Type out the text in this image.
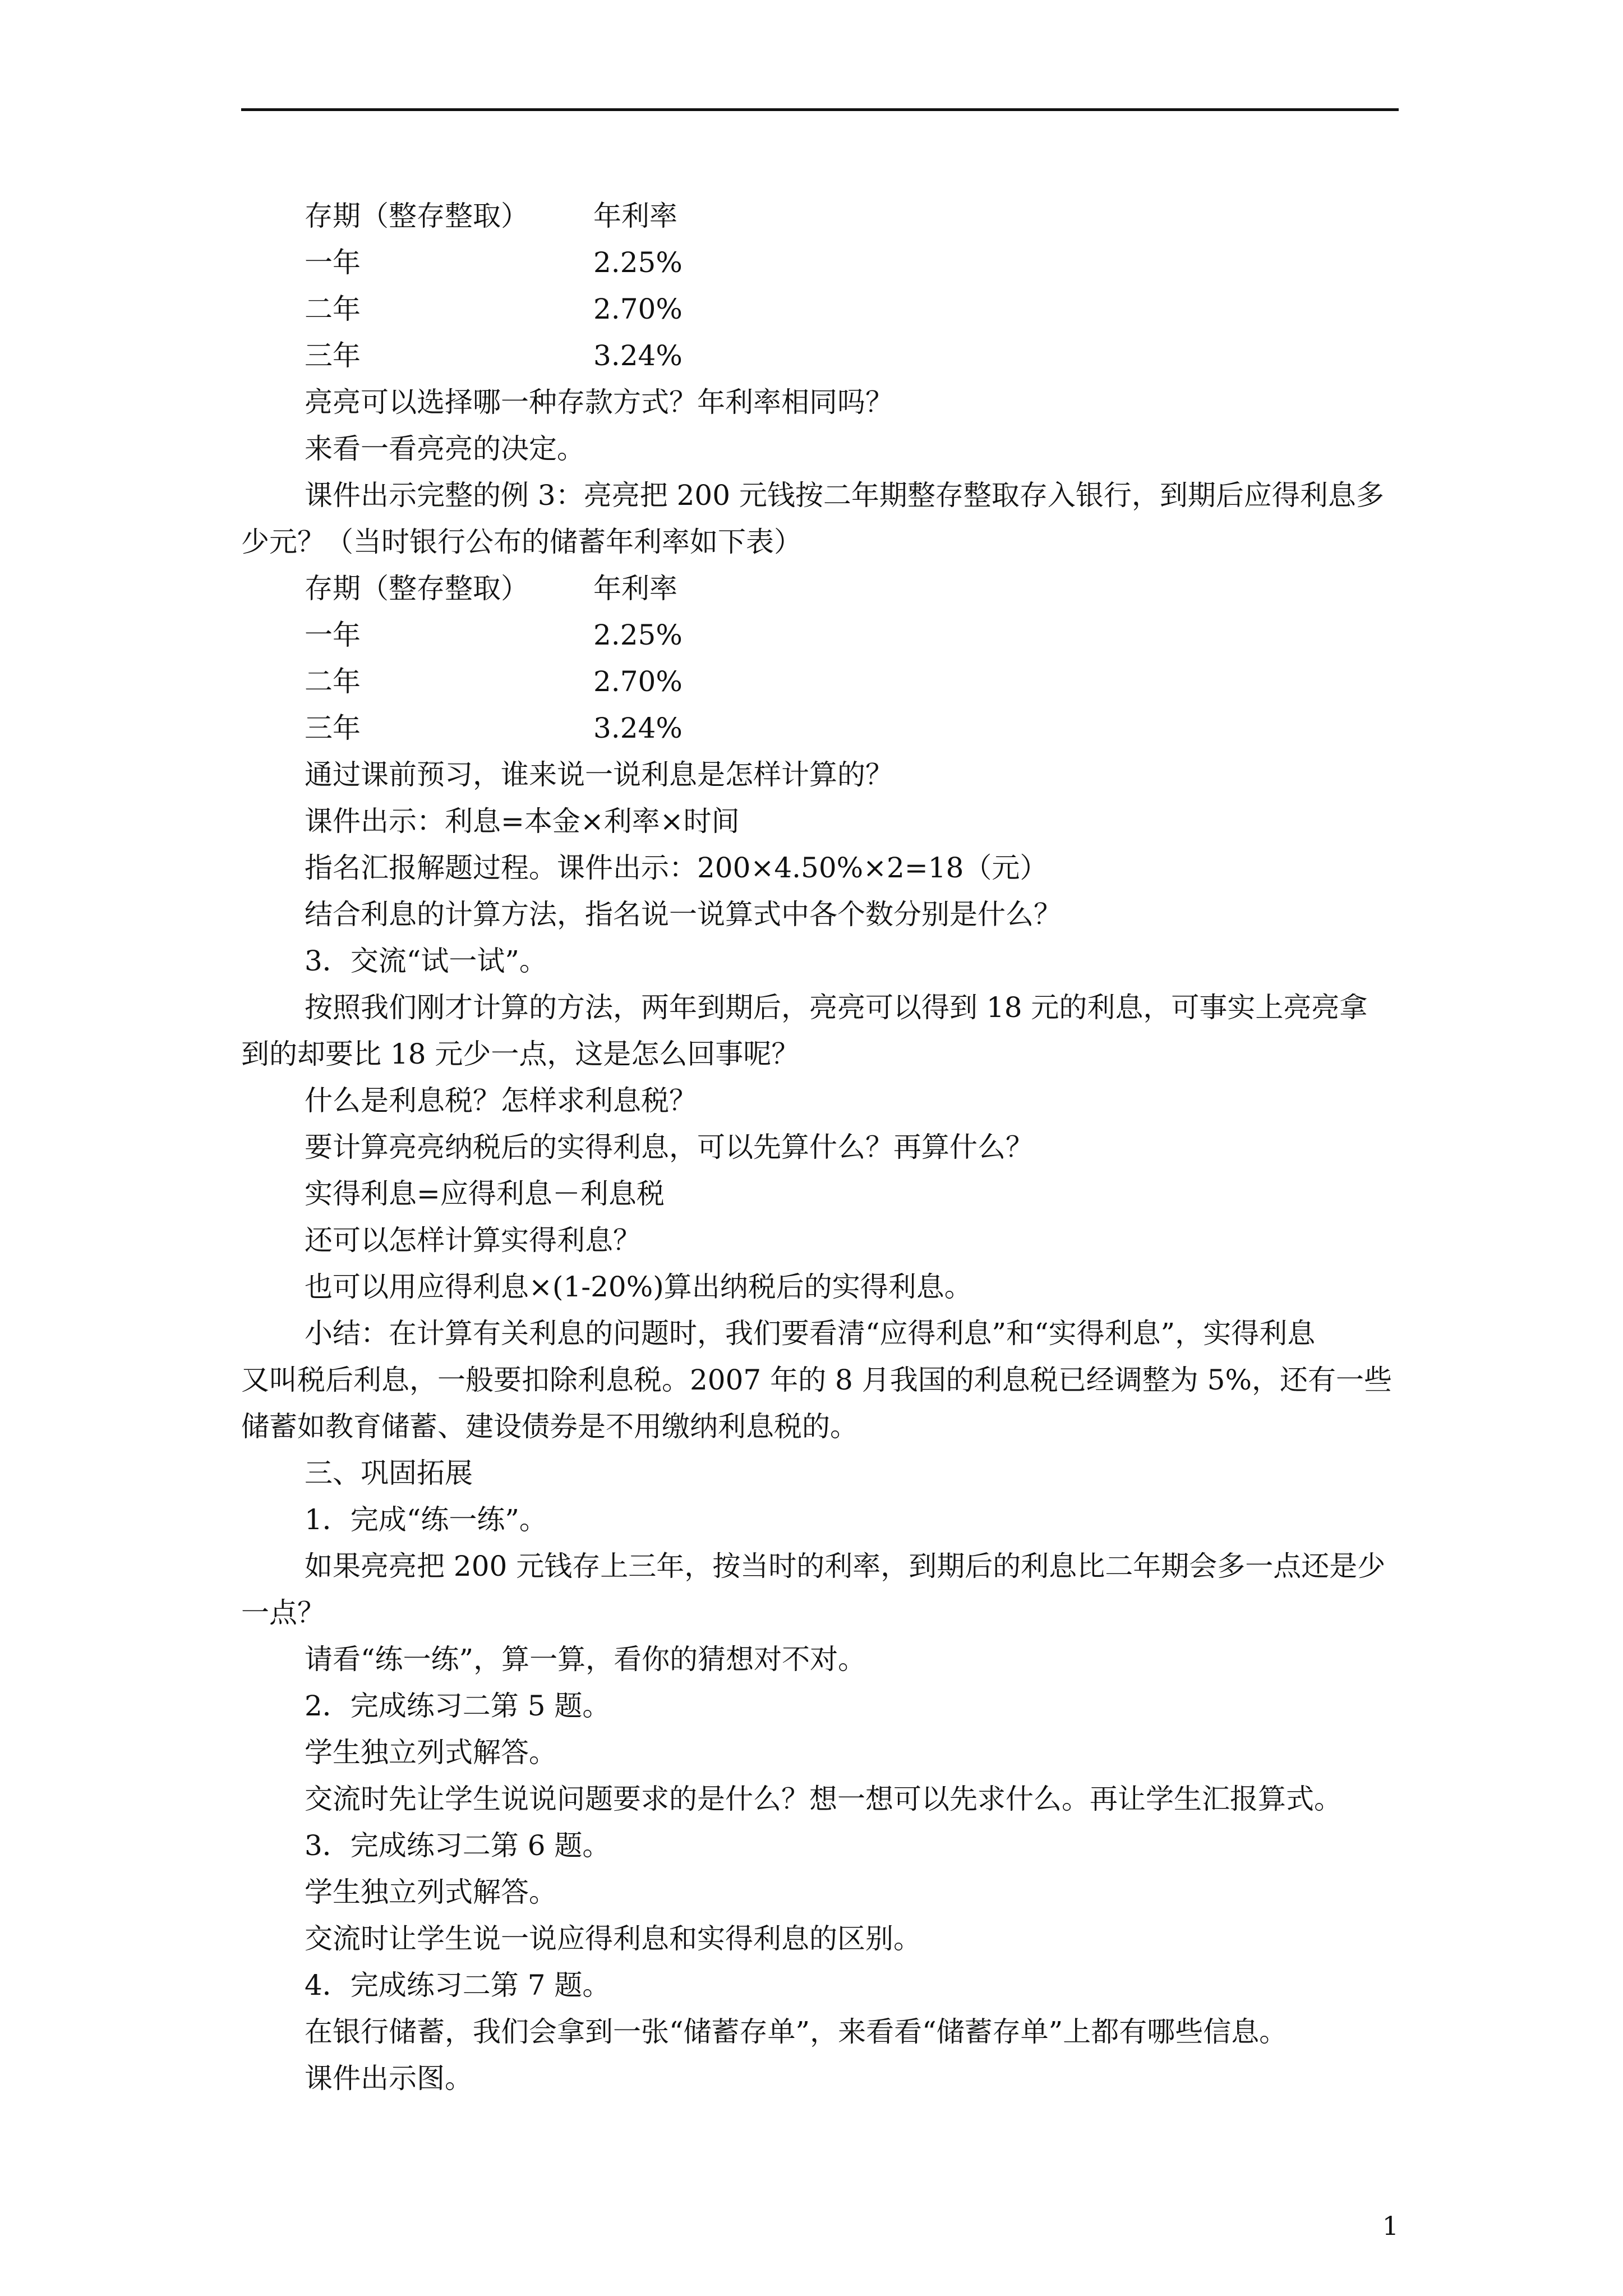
存期（整存整取）	年利率
一年	2.25%
二年	2.70%
三年	3.24%
亮亮可以选择哪一种存款方式？年利率相同吗？
来看一看亮亮的决定。
课件出示完整的例 3：亮亮把 200 元钱按二年期整存整取存入银行，到期后应得利息多
少元？（当时银行公布的储蓄年利率如下表）
存期（整存整取）	年利率
一年	2.25%
二年	2.70%
三年	3.24%
通过课前预习，谁来说一说利息是怎样计算的？
课件出示：利息=本金×利率×时间
指名汇报解题过程。课件出示：200×4.50%×2=18（元）
结合利息的计算方法，指名说一说算式中各个数分别是什么？
3．交流“试一试”。
按照我们刚才计算的方法，两年到期后，亮亮可以得到 18 元的利息，可事实上亮亮拿
到的却要比 18 元少一点，这是怎么回事呢？
什么是利息税？怎样求利息税？
要计算亮亮纳税后的实得利息，可以先算什么？再算什么？
实得利息=应得利息－利息税
还可以怎样计算实得利息？
也可以用应得利息×(1-20%)算出纳税后的实得利息。
小结：在计算有关利息的问题时，我们要看清“应得利息”和“实得利息”，实得利息
又叫税后利息，一般要扣除利息税。2007 年的 8 月我国的利息税已经调整为 5%，还有一些
储蓄如教育储蓄、建设债券是不用缴纳利息税的。
三、巩固拓展
1．完成“练一练”。
如果亮亮把 200 元钱存上三年，按当时的利率，到期后的利息比二年期会多一点还是少
一点？
请看“练一练”，算一算，看你的猜想对不对。
2．完成练习二第 5 题。
学生独立列式解答。
交流时先让学生说说问题要求的是什么？想一想可以先求什么。再让学生汇报算式。
3．完成练习二第 6 题。
学生独立列式解答。
交流时让学生说一说应得利息和实得利息的区别。
4．完成练习二第 7 题。
在银行储蓄，我们会拿到一张“储蓄存单”，来看看“储蓄存单”上都有哪些信息。
课件出示图。
1
